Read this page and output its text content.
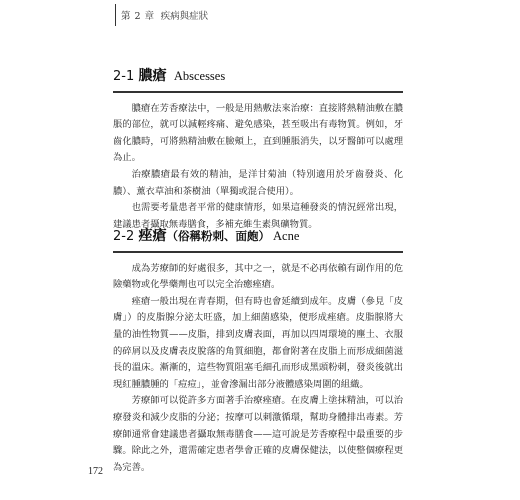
第 2 章 疾病與症狀
2-1 膿瘡 Abscesses

膿瘡在芳香療法中，一般是用熱敷法來治療：直接將熱精油敷在膿脹的部位，就可以減輕疼痛、避免感染，甚至吸出有毒物質。例如，牙齒化膿時，可將熱精油敷在臉頰上，直到腫脹消失，以牙醫師可以處理為止。

治療膿瘡最有效的精油，是洋甘菊油（特別適用於牙齒發炎、化膿）、薰衣草油和茶樹油（單獨或混合使用）。

也需要考量患者平常的健康情形，如果這種發炎的情況經常出現，建議患者攝取無毒膳食，多補充維生素與礦物質。

2-2 痤瘡（俗稱粉刺、面皰） Acne

成為芳療師的好處很多，其中之一，就是不必再依賴有副作用的危險藥物或化學藥劑也可以完全治癒痤瘡。

痤瘡一般出現在青春期，但有時也會延續到成年。皮膚（參見「皮膚」）的皮脂腺分泌太旺盛，加上細菌感染，便形成痤瘡。皮脂腺將大量的油性物質——皮脂，排到皮膚表面，再加以四周環境的塵土、衣服的碎屑以及皮膚表皮脫落的角質細胞，都會附著在皮脂上而形成細菌滋長的溫床。漸漸的，這些物質阻塞毛細孔而形成黑頭粉刺，發炎後就出現紅腫膿腫的「痘痘」，並會滲漏出部分液體感染周圍的組織。

芳療師可以從許多方面著手治療痤瘡。在皮膚上塗抹精油，可以治療發炎和減少皮脂的分泌；按摩可以刺激循環，幫助身體排出毒素。芳療師通常會建議患者攝取無毒膳食——這可說是芳香療程中最重要的步驟。除此之外，還需確定患者學會正確的皮膚保健法，以使整個療程更為完善。

172
